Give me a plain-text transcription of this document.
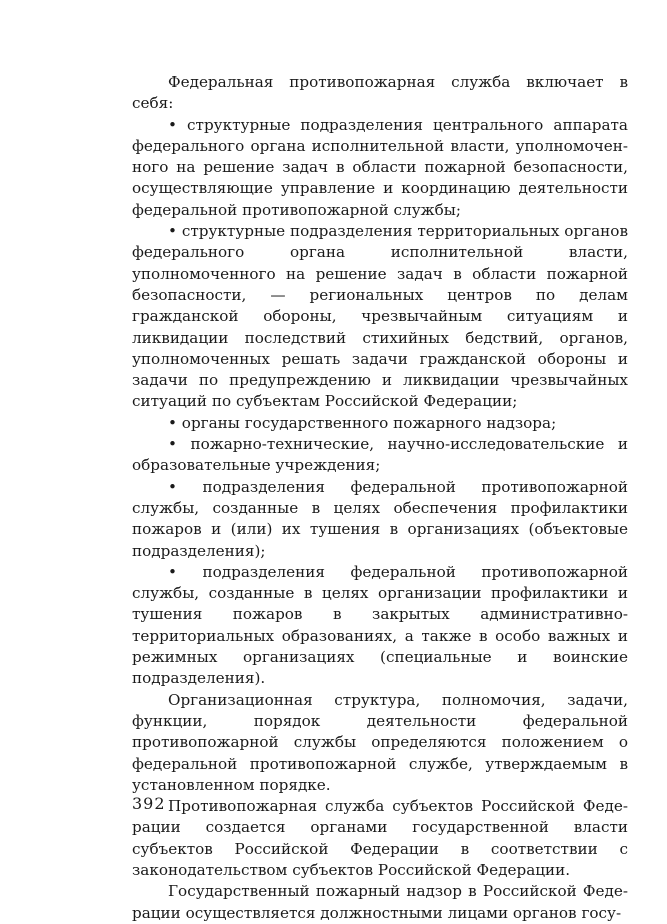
Федеральная противопожарная служба включает в себя:

• структурные подразделения центрального аппарата федерального органа исполнительной власти, уполномоченного на решение задач в области пожарной безопасности, осуществляющие управление и координацию деятельности федеральной противопожарной службы;

• структурные подразделения территориальных органов федерального органа исполнительной власти, уполномоченного на решение задач в области пожарной безопасности, — региональных центров по делам гражданской обороны, чрезвычайным ситуациям и ликвидации последствий стихийных бедствий, органов, уполномоченных решать задачи гражданской обороны и задачи по предупреждению и ликвидации чрезвычайных ситуаций по субъектам Российской Федерации;

• органы государственного пожарного надзора;

• пожарно-технические, научно-исследовательские и образовательные учреждения;

• подразделения федеральной противопожарной службы, созданные в целях обеспечения профилактики пожаров и (или) их тушения в организациях (объектовые подразделения);

• подразделения федеральной противопожарной службы, созданные в целях организации профилактики и тушения пожаров в закрытых административно-территориальных образованиях, а также в особо важных и режимных организациях (специальные и воинские подразделения).

Организационная структура, полномочия, задачи, функции, порядок деятельности федеральной противопожарной службы определяются положением о федеральной противопожарной службе, утверждаемым в установленном порядке.

Противопожарная служба субъектов Российской Федерации создается органами государственной власти субъектов Российской Федерации в соответствии с законодательством субъектов Российской Федерации.

Государственный пожарный надзор в Российской Федерации осуществляется должностными лицами органов госу-

392
